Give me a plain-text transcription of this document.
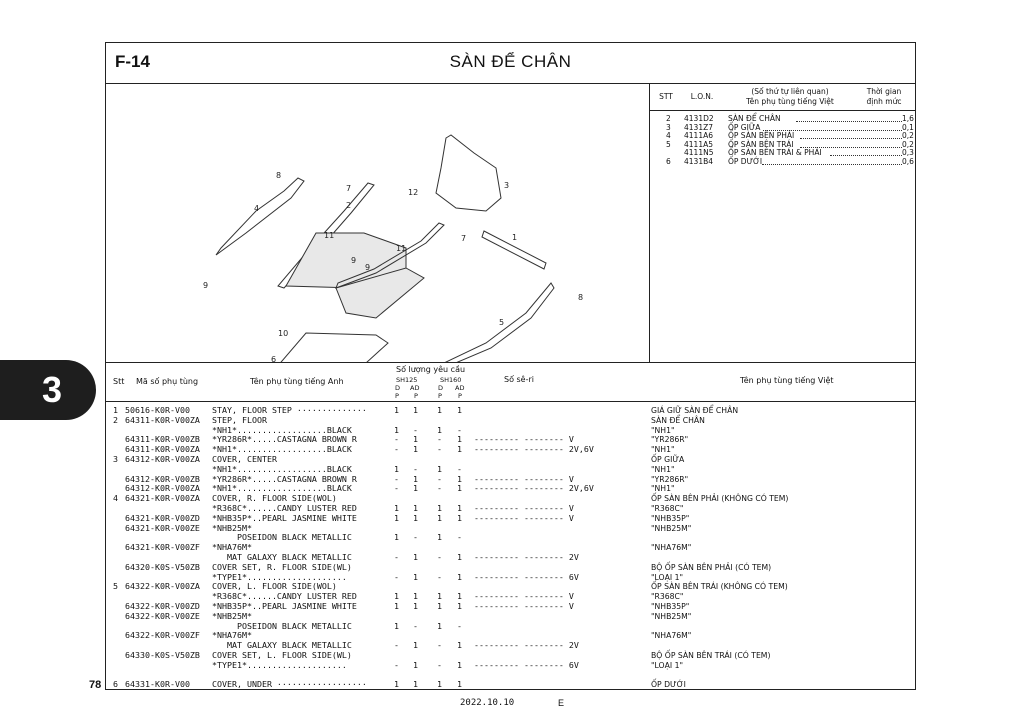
3
78
F-14	SÀN ĐỂ CHÂN
8
4
9
7
2
11
9
9
12
3
7
11
1
8
10
6
5
STT	L.O.N.
(Số thứ tự liên quan)
Tên phụ tùng tiếng Việt
Thời gian
định mức
2 4131D2 SÀN ĐỂ CHÂN	1,6
3 4131Z7 ỐP GIỮA	0,1
4 4111A6 ỐP SÀN BÊN PHẢI	0,2
5 4111A5 ỐP SÀN BÊN TRÁI	0,2
4111N5 ỐP SÀN BÊN TRÁI & PHẢI	0,3
6 4131B4 ỐP DƯỚI	0,6
Stt Mã số phụ tùng	Tên phụ tùng tiếng Anh
Số lượng yêu cầu
SH125	SH160
D AD	D AD
P P	P P
Số sê-ri	Tên phụ tùng tiếng Việt
1 50616-K0R-V00	STAY, FLOOR STEP ··············	1 1 1 1	GIÁ GIỮ SÀN ĐỂ CHÂN
2 64311-K0R-V00ZA STEP, FLOOR	SÀN ĐỂ CHÂN
*NH1*..................BLACK	1 - 1 -	"NH1"
64311-K0R-V00ZB *YR286R*.....CASTAGNA BROWN R	- 1 - 1 --------- -------- V	"YR286R"
64311-K0R-V00ZA *NH1*..................BLACK	- 1 - 1 --------- -------- 2V,6V	"NH1"
3 64312-K0R-V00ZA COVER, CENTER	ỐP GIỮA
*NH1*..................BLACK	1 - 1 -	"NH1"
64312-K0R-V00ZB *YR286R*.....CASTAGNA BROWN R	- 1 - 1 --------- -------- V	"YR286R"
64312-K0R-V00ZA *NH1*..................BLACK	- 1 - 1 --------- -------- 2V,6V	"NH1"
4 64321-K0R-V00ZA COVER, R. FLOOR SIDE(WOL)	ỐP SÀN BÊN PHẢI (KHÔNG CÓ TEM)
*R368C*......CANDY LUSTER RED	1 1 1 1 --------- -------- V	"R368C"
64321-K0R-V00ZD *NHB35P*..PEARL JASMINE WHITE	1 1 1 1 --------- -------- V	"NHB35P"
64321-K0R-V00ZE *NHB25M*	"NHB25M"
POSEIDON BLACK METALLIC	1 - 1 -
64321-K0R-V00ZF *NHA76M*	"NHA76M"
MAT GALAXY BLACK METALLIC	- 1 - 1 --------- -------- 2V
64320-K0S-V50ZB COVER SET, R. FLOOR SIDE(WL)	BỘ ỐP SÀN BÊN PHẢI (CÓ TEM)
*TYPE1*....................	- 1 - 1 --------- -------- 6V	"LOẠI 1"
5 64322-K0R-V00ZA COVER, L. FLOOR SIDE(WOL)	ỐP SÀN BÊN TRÁI (KHÔNG CÓ TEM)
*R368C*......CANDY LUSTER RED	1 1 1 1 --------- -------- V	"R368C"
64322-K0R-V00ZD *NHB35P*..PEARL JASMINE WHITE	1 1 1 1 --------- -------- V	"NHB35P"
64322-K0R-V00ZE *NHB25M*	"NHB25M"
POSEIDON BLACK METALLIC	1 - 1 -
64322-K0R-V00ZF *NHA76M*	"NHA76M"
MAT GALAXY BLACK METALLIC	- 1 - 1 --------- -------- 2V
64330-K0S-V50ZB COVER SET, L. FLOOR SIDE(WL)	BỘ ỐP SÀN BÊN TRÁI (CÓ TEM)
*TYPE1*....................	- 1 - 1 --------- -------- 6V	"LOẠI 1"
6 64331-K0R-V00	COVER, UNDER ··················	1 1 1 1	ỐP DƯỚI
2022.10.10	E
